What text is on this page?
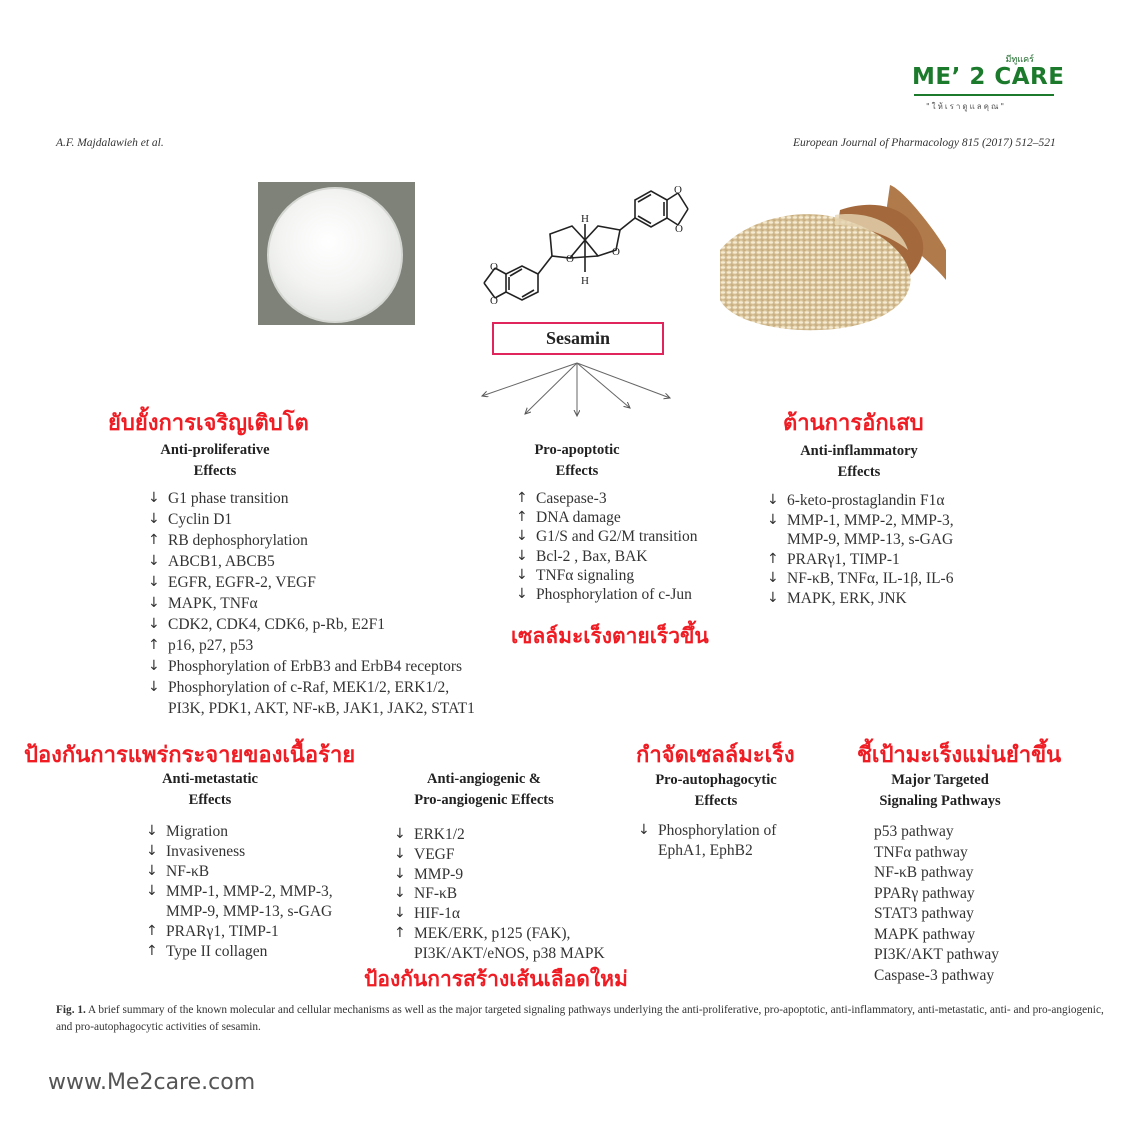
มีทูแคร์
ME’ 2 CARE
"ให้เราดูแลคุณ"
A.F. Majdalawieh et al.	European Journal of Pharmacology 815 (2017) 512–521
O
O
O
O
O
O
H
H
Sesamin
ยับยั้งการเจริญเติบโต	ต้านการอักเสบ
เซลล์มะเร็งตายเร็วขึ้น
ป้องกันการแพร่กระจายของเนื้อร้าย	กำจัดเซลล์มะเร็ง	ชี้เป้ามะเร็งแม่นยำขึ้น
ป้องกันการสร้างเส้นเลือดใหม่
Anti-proliferative
Effects
Pro-apoptotic
Effects
Anti-inflammatory
Effects
Anti-metastatic
Effects
Anti-angiogenic &
Pro-angiogenic Effects
Pro-autophagocytic
Effects
Major Targeted
Signaling Pathways
↓ G1 phase transition
↓ Cyclin D1
↑ RB dephosphorylation
↓ ABCB1, ABCB5
↓ EGFR, EGFR-2, VEGF
↓ MAPK, TNFα
↓ CDK2, CDK4, CDK6, p-Rb, E2F1
↑ p16, p27, p53
↓ Phosphorylation of ErbB3 and ErbB4 receptors
↓ Phosphorylation of c-Raf, MEK1/2, ERK1/2,
PI3K, PDK1, AKT, NF-κB, JAK1, JAK2, STAT1
↑ Casepase-3
↑ DNA damage
↓ G1/S and G2/M transition
↓ Bcl-2 , Bax, BAK
↓ TNFα signaling
↓ Phosphorylation of c-Jun
↓ 6-keto-prostaglandin F1α
↓ MMP-1, MMP-2, MMP-3,
MMP-9, MMP-13, s-GAG
↑ PRARγ1, TIMP-1
↓ NF-κB, TNFα, IL-1β, IL-6
↓ MAPK, ERK, JNK
↓ Migration
↓ Invasiveness
↓ NF-κB
↓ MMP-1, MMP-2, MMP-3,
MMP-9, MMP-13, s-GAG
↑ PRARγ1, TIMP-1
↑ Type II collagen
↓ ERK1/2
↓ VEGF
↓ MMP-9
↓ NF-κB
↓ HIF-1α
↑ MEK/ERK, p125 (FAK),
PI3K/AKT/eNOS, p38 MAPK
↓ Phosphorylation of
EphA1, EphB2
p53 pathway
TNFα pathway
NF-κB pathway
PPARγ pathway
STAT3 pathway
MAPK pathway
PI3K/AKT pathway
Caspase-3 pathway
Fig. 1. A brief summary of the known molecular and cellular mechanisms as well as the major targeted signaling pathways underlying the anti-proliferative, pro-apoptotic, anti-inflammatory, anti-metastatic, anti- and pro-angiogenic, and pro-autophagocytic activities of sesamin.
www.Me2care.com
